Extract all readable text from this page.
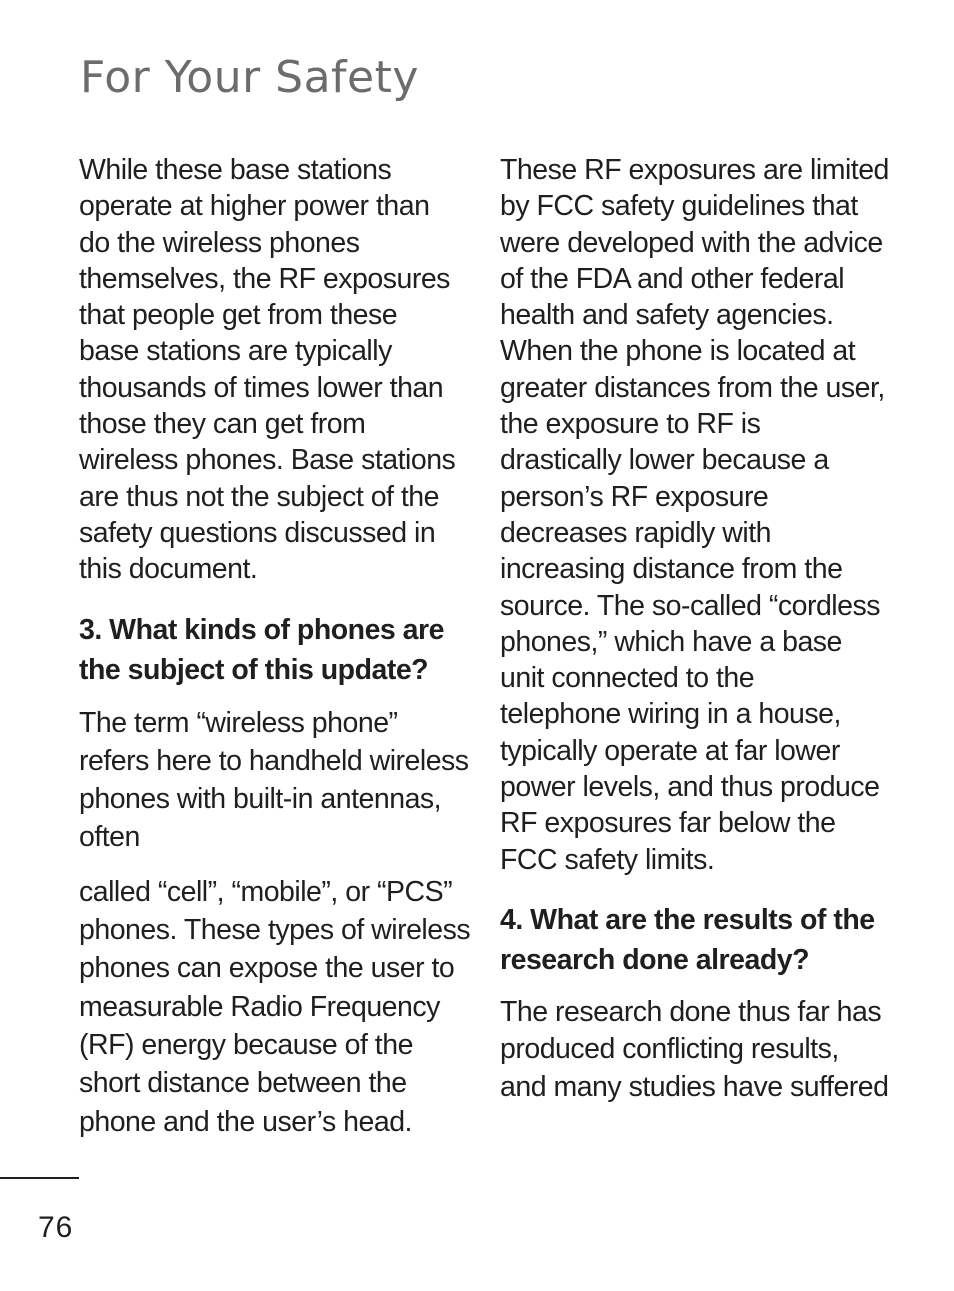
For Your Safety

While these base stations
operate at higher power than
do the wireless phones
themselves, the RF exposures
that people get from these
base stations are typically
thousands of times lower than
those they can get from
wireless phones. Base stations
are thus not the subject of the
safety questions discussed in
this document.

3. What kinds of phones are
the subject of this update?

The term “wireless phone”
refers here to handheld wireless
phones with built-in antennas,
often

called “cell”, “mobile”, or “PCS”
phones. These types of wireless
phones can expose the user to
measurable Radio Frequency
(RF) energy because of the
short distance between the
phone and the user’s head.

These RF exposures are limited
by FCC safety guidelines that
were developed with the advice
of the FDA and other federal
health and safety agencies.
When the phone is located at
greater distances from the user,
the exposure to RF is
drastically lower because a
person’s RF exposure
decreases rapidly with
increasing distance from the
source. The so-called “cordless
phones,” which have a base
unit connected to the
telephone wiring in a house,
typically operate at far lower
power levels, and thus produce
RF exposures far below the
FCC safety limits.

4. What are the results of the
research done already?

The research done thus far has
produced conflicting results,
and many studies have suffered

76
